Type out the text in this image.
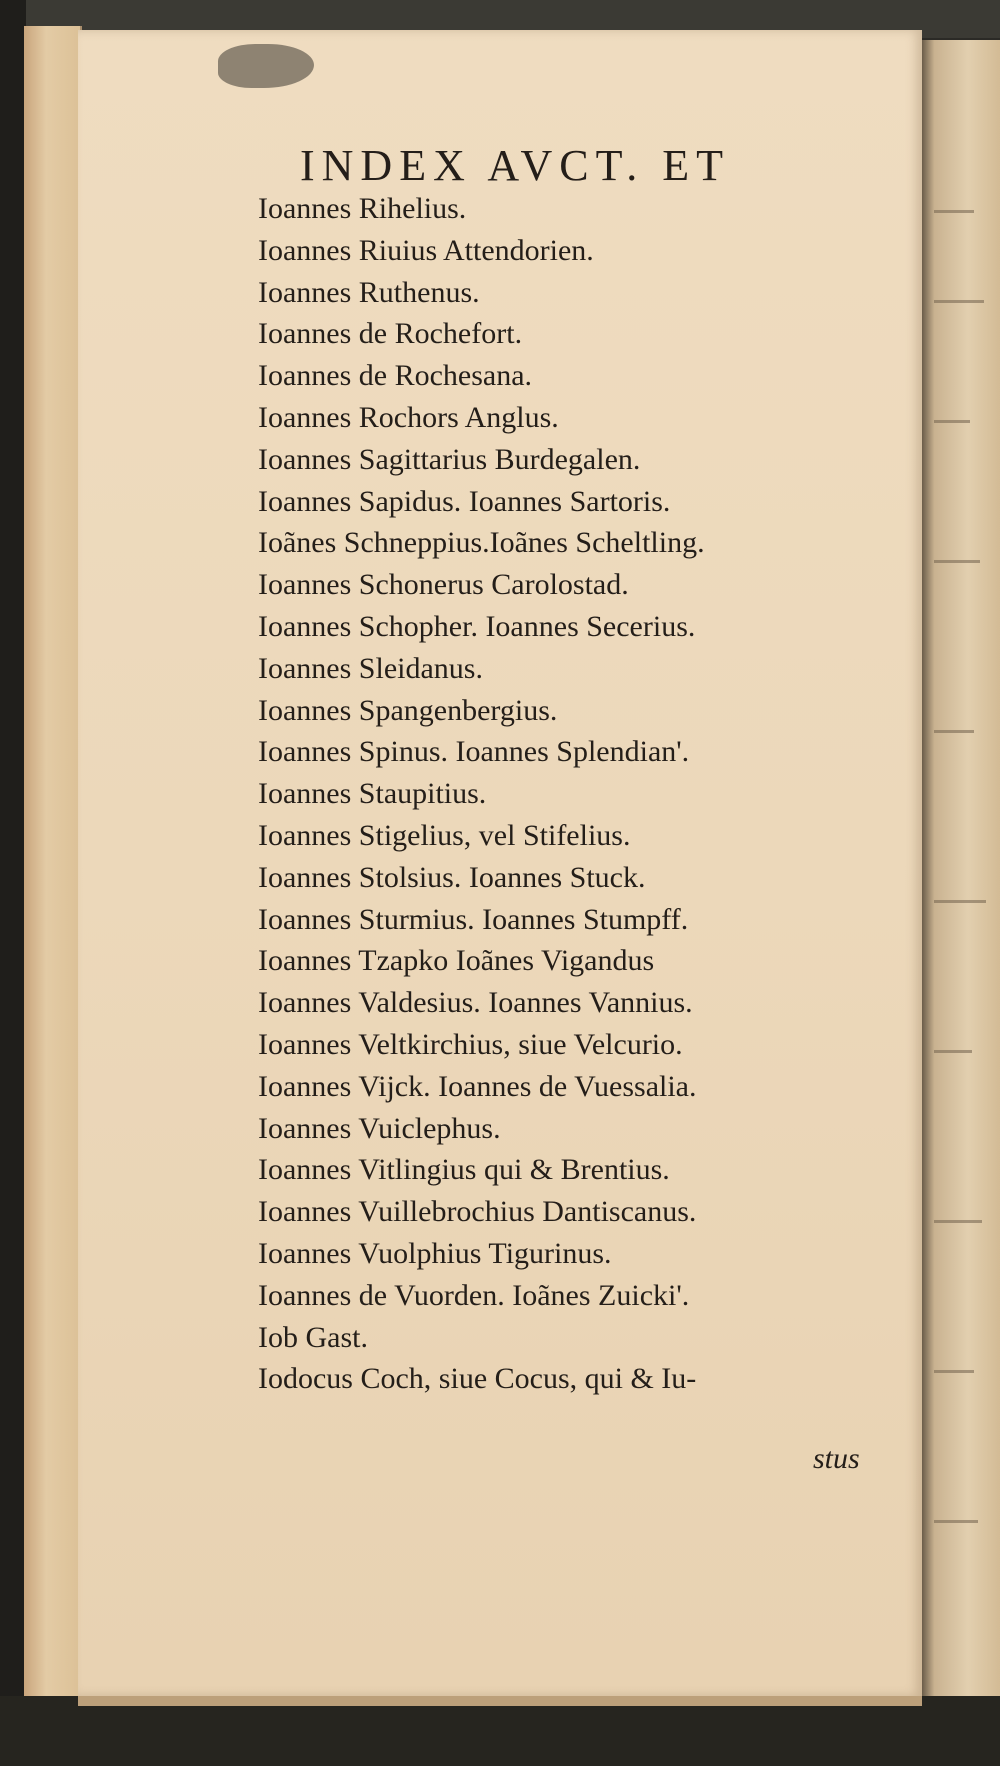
INDEX AVCT. ET
Ioannes Rihelius.
Ioannes Riuius Attendorien.
Ioannes Ruthenus.
Ioannes de Rochefort.
Ioannes de Rochesana.
Ioannes Rochors Anglus.
Ioannes Sagittarius Burdegalen.
Ioannes Sapidus. Ioannes Sartoris.
Ioãnes Schneppius.Ioãnes Scheltling.
Ioannes Schonerus Carolostad.
Ioannes Schopher. Ioannes Secerius.
Ioannes Sleidanus.
Ioannes Spangenbergius.
Ioannes Spinus. Ioannes Splendian'.
Ioannes Staupitius.
Ioannes Stigelius, vel Stifelius.
Ioannes Stolsius. Ioannes Stuck.
Ioannes Sturmius. Ioannes Stumpff.
Ioannes Tzapko Ioãnes Vigandus
Ioannes Valdesius. Ioannes Vannius.
Ioannes Veltkirchius, siue Velcurio.
Ioannes Vijck. Ioannes de Vuessalia.
Ioannes Vuiclephus.
Ioannes Vitlingius qui & Brentius.
Ioannes Vuillebrochius Dantiscanus.
Ioannes Vuolphius Tigurinus.
Ioannes de Vuorden. Ioãnes Zuicki'.
Iob Gast.
Iodocus Coch, siue Cocus, qui & Iu-
stus
